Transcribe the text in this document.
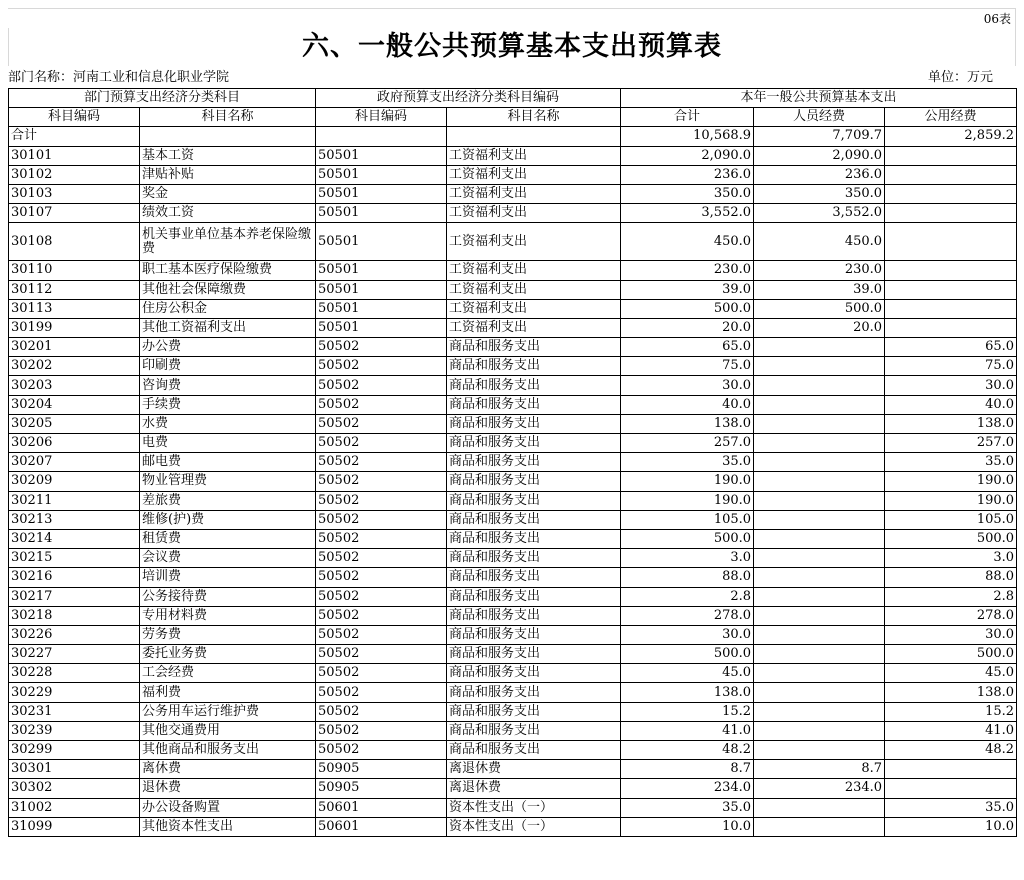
06表
六、一般公共预算基本支出预算表
部门名称：河南工业和信息化职业学院	单位：万元
部门预算支出经济分类科目		政府预算支出经济分类科目编码		本年一般公共预算基本支出		
科目编码	科目名称	科目编码	科目名称	合计	人员经费	公用经费
合计				10,568.9	7,709.7	2,859.2
30101	基本工资	50501	工资福利支出	2,090.0	2,090.0	
30102	津贴补贴	50501	工资福利支出	236.0	236.0	
30103	奖金	50501	工资福利支出	350.0	350.0	
30107	绩效工资	50501	工资福利支出	3,552.0	3,552.0	
30108	机关事业单位基本养老保险缴费	50501	工资福利支出	450.0	450.0	
30110	职工基本医疗保险缴费	50501	工资福利支出	230.0	230.0	
30112	其他社会保障缴费	50501	工资福利支出	39.0	39.0	
30113	住房公积金	50501	工资福利支出	500.0	500.0	
30199	其他工资福利支出	50501	工资福利支出	20.0	20.0	
30201	办公费	50502	商品和服务支出	65.0		65.0
30202	印刷费	50502	商品和服务支出	75.0		75.0
30203	咨询费	50502	商品和服务支出	30.0		30.0
30204	手续费	50502	商品和服务支出	40.0		40.0
30205	水费	50502	商品和服务支出	138.0		138.0
30206	电费	50502	商品和服务支出	257.0		257.0
30207	邮电费	50502	商品和服务支出	35.0		35.0
30209	物业管理费	50502	商品和服务支出	190.0		190.0
30211	差旅费	50502	商品和服务支出	190.0		190.0
30213	维修(护)费	50502	商品和服务支出	105.0		105.0
30214	租赁费	50502	商品和服务支出	500.0		500.0
30215	会议费	50502	商品和服务支出	3.0		3.0
30216	培训费	50502	商品和服务支出	88.0		88.0
30217	公务接待费	50502	商品和服务支出	2.8		2.8
30218	专用材料费	50502	商品和服务支出	278.0		278.0
30226	劳务费	50502	商品和服务支出	30.0		30.0
30227	委托业务费	50502	商品和服务支出	500.0		500.0
30228	工会经费	50502	商品和服务支出	45.0		45.0
30229	福利费	50502	商品和服务支出	138.0		138.0
30231	公务用车运行维护费	50502	商品和服务支出	15.2		15.2
30239	其他交通费用	50502	商品和服务支出	41.0		41.0
30299	其他商品和服务支出	50502	商品和服务支出	48.2		48.2
30301	离休费	50905	离退休费	8.7	8.7	
30302	退休费	50905	离退休费	234.0	234.0	
31002	办公设备购置	50601	资本性支出（一）	35.0		35.0
31099	其他资本性支出	50601	资本性支出（一）	10.0		10.0
